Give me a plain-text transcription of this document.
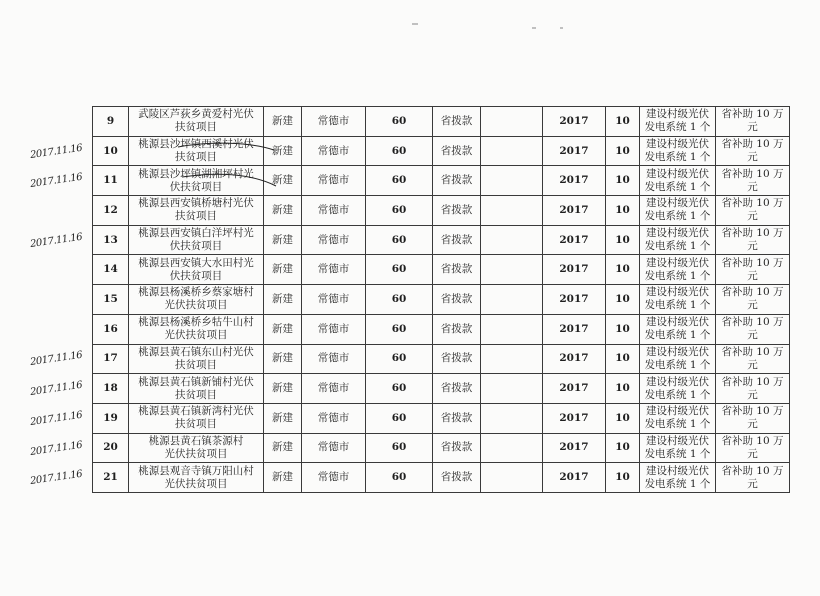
9	武陵区芦荻乡黄爱村光伏
扶贫项目	新建	常德市	60	省拨款		2017	10	建设村级光伏
发电系统 1 个	省补助 10 万元
10	桃源县沙坪镇西溪村光伏
扶贫项目	新建	常德市	60	省拨款		2017	10	建设村级光伏
发电系统 1 个	省补助 10 万元
11	桃源县沙坪镇湖湘坪村光
伏扶贫项目	新建	常德市	60	省拨款		2017	10	建设村级光伏
发电系统 1 个	省补助 10 万元
12	桃源县西安镇桥塘村光伏
扶贫项目	新建	常德市	60	省拨款		2017	10	建设村级光伏
发电系统 1 个	省补助 10 万元
13	桃源县西安镇白洋坪村光
伏扶贫项目	新建	常德市	60	省拨款		2017	10	建设村级光伏
发电系统 1 个	省补助 10 万元
14	桃源县西安镇大水田村光
伏扶贫项目	新建	常德市	60	省拨款		2017	10	建设村级光伏
发电系统 1 个	省补助 10 万元
15	桃源县杨溪桥乡蔡家塘村
光伏扶贫项目	新建	常德市	60	省拨款		2017	10	建设村级光伏
发电系统 1 个	省补助 10 万元
16	桃源县杨溪桥乡牯牛山村
光伏扶贫项目	新建	常德市	60	省拨款		2017	10	建设村级光伏
发电系统 1 个	省补助 10 万元
17	桃源县黄石镇东山村光伏
扶贫项目	新建	常德市	60	省拨款		2017	10	建设村级光伏
发电系统 1 个	省补助 10 万元
18	桃源县黄石镇新铺村光伏
扶贫项目	新建	常德市	60	省拨款		2017	10	建设村级光伏
发电系统 1 个	省补助 10 万元
19	桃源县黄石镇新湾村光伏
扶贫项目	新建	常德市	60	省拨款		2017	10	建设村级光伏
发电系统 1 个	省补助 10 万元
20	桃源县黄石镇茶源村
光伏扶贫项目	新建	常德市	60	省拨款		2017	10	建设村级光伏
发电系统 1 个	省补助 10 万元
21	桃源县观音寺镇万阳山村
光伏扶贫项目	新建	常德市	60	省拨款		2017	10	建设村级光伏
发电系统 1 个	省补助 10 万元
2017.11.16
2017.11.16
2017.11.16
2017.11.16
2017.11.16
2017.11.16
2017.11.16
2017.11.16
